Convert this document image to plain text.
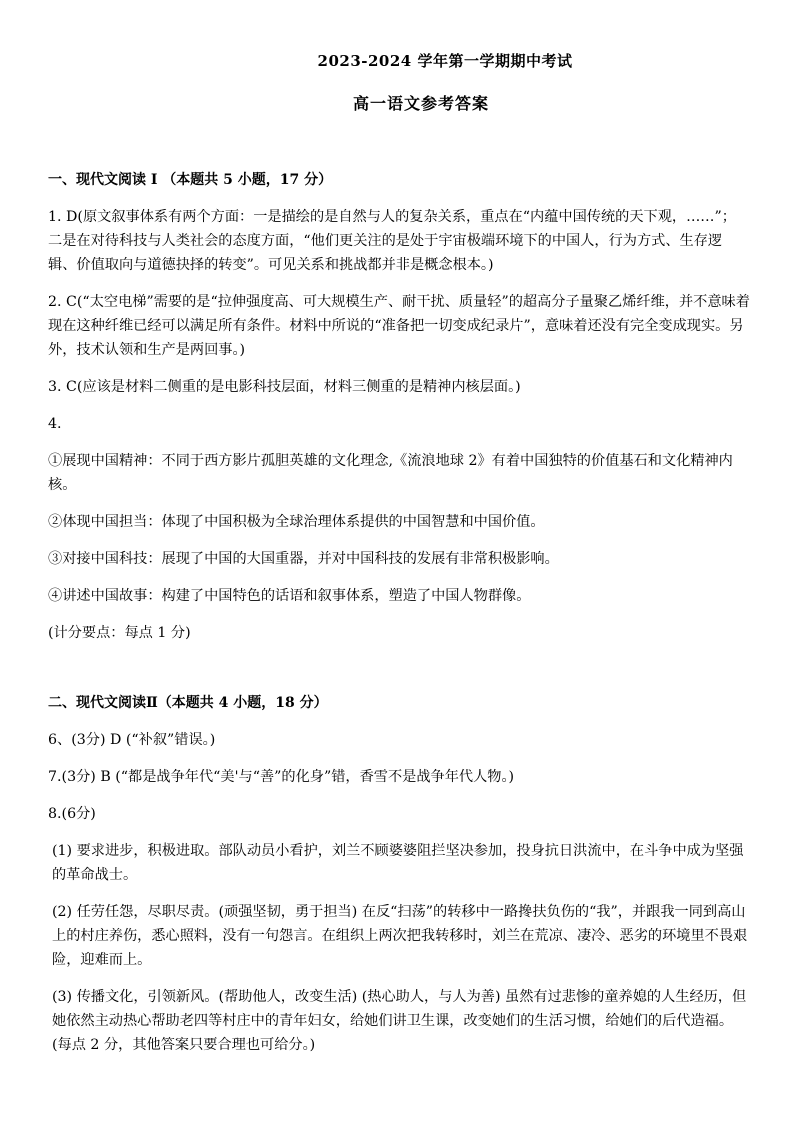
2023-2024 学年第一学期期中考试
高一语文参考答案

一、现代文阅读 Ⅰ （本题共 5 小题，17 分）

1. D(原文叙事体系有两个方面：一是描绘的是自然与人的复杂关系，重点在“内蕴中国传统的天下观，……”；二是在对待科技与人类社会的态度方面，“他们更关注的是处于宇宙极端环境下的中国人，行为方式、生存逻辑、价值取向与道德抉择的转变”。可见关系和挑战都并非是概念根本。)

2. C(“太空电梯”需要的是“拉伸强度高、可大规模生产、耐干扰、质量轻”的超高分子量聚乙烯纤维，并不意味着现在这种纤维已经可以满足所有条件。材料中所说的“准备把一切变成纪录片”，意味着还没有完全变成现实。另外，技术认领和生产是两回事。)

3. C(应该是材料二侧重的是电影科技层面，材料三侧重的是精神内核层面。)

4.

①展现中国精神：不同于西方影片孤胆英雄的文化理念,《流浪地球 2》有着中国独特的价值基石和文化精神内核。

②体现中国担当：体现了中国积极为全球治理体系提供的中国智慧和中国价值。

③对接中国科技：展现了中国的大国重器，并对中国科技的发展有非常积极影响。

④讲述中国故事：构建了中国特色的话语和叙事体系，塑造了中国人物群像。

(计分要点：每点 1 分)

二、现代文阅读Ⅱ（本题共 4 小题，18 分）

6、(3分) D (“补叙”错误。)

7.(3分) B (“都是战争年代“美'与“善”的化身”错，香雪不是战争年代人物。)

8.(6分)

(1) 要求进步，积极进取。部队动员小看护，刘兰不顾婆婆阻拦坚决参加，投身抗日洪流中，在斗争中成为坚强的革命战士。

(2) 任劳任怨，尽职尽责。(顽强坚韧，勇于担当) 在反“扫荡”的转移中一路搀扶负伤的“我”，并跟我一同到高山上的村庄养伤，悉心照料，没有一句怨言。在组织上两次把我转移时，刘兰在荒凉、凄冷、恶劣的环境里不畏艰险，迎难而上。

(3) 传播文化，引领新风。(帮助他人，改变生活) (热心助人，与人为善) 虽然有过悲惨的童养媳的人生经历，但她依然主动热心帮助老四等村庄中的青年妇女，给她们讲卫生课，改变她们的生活习惯，给她们的后代造福。(每点 2 分，其他答案只要合理也可给分。)
